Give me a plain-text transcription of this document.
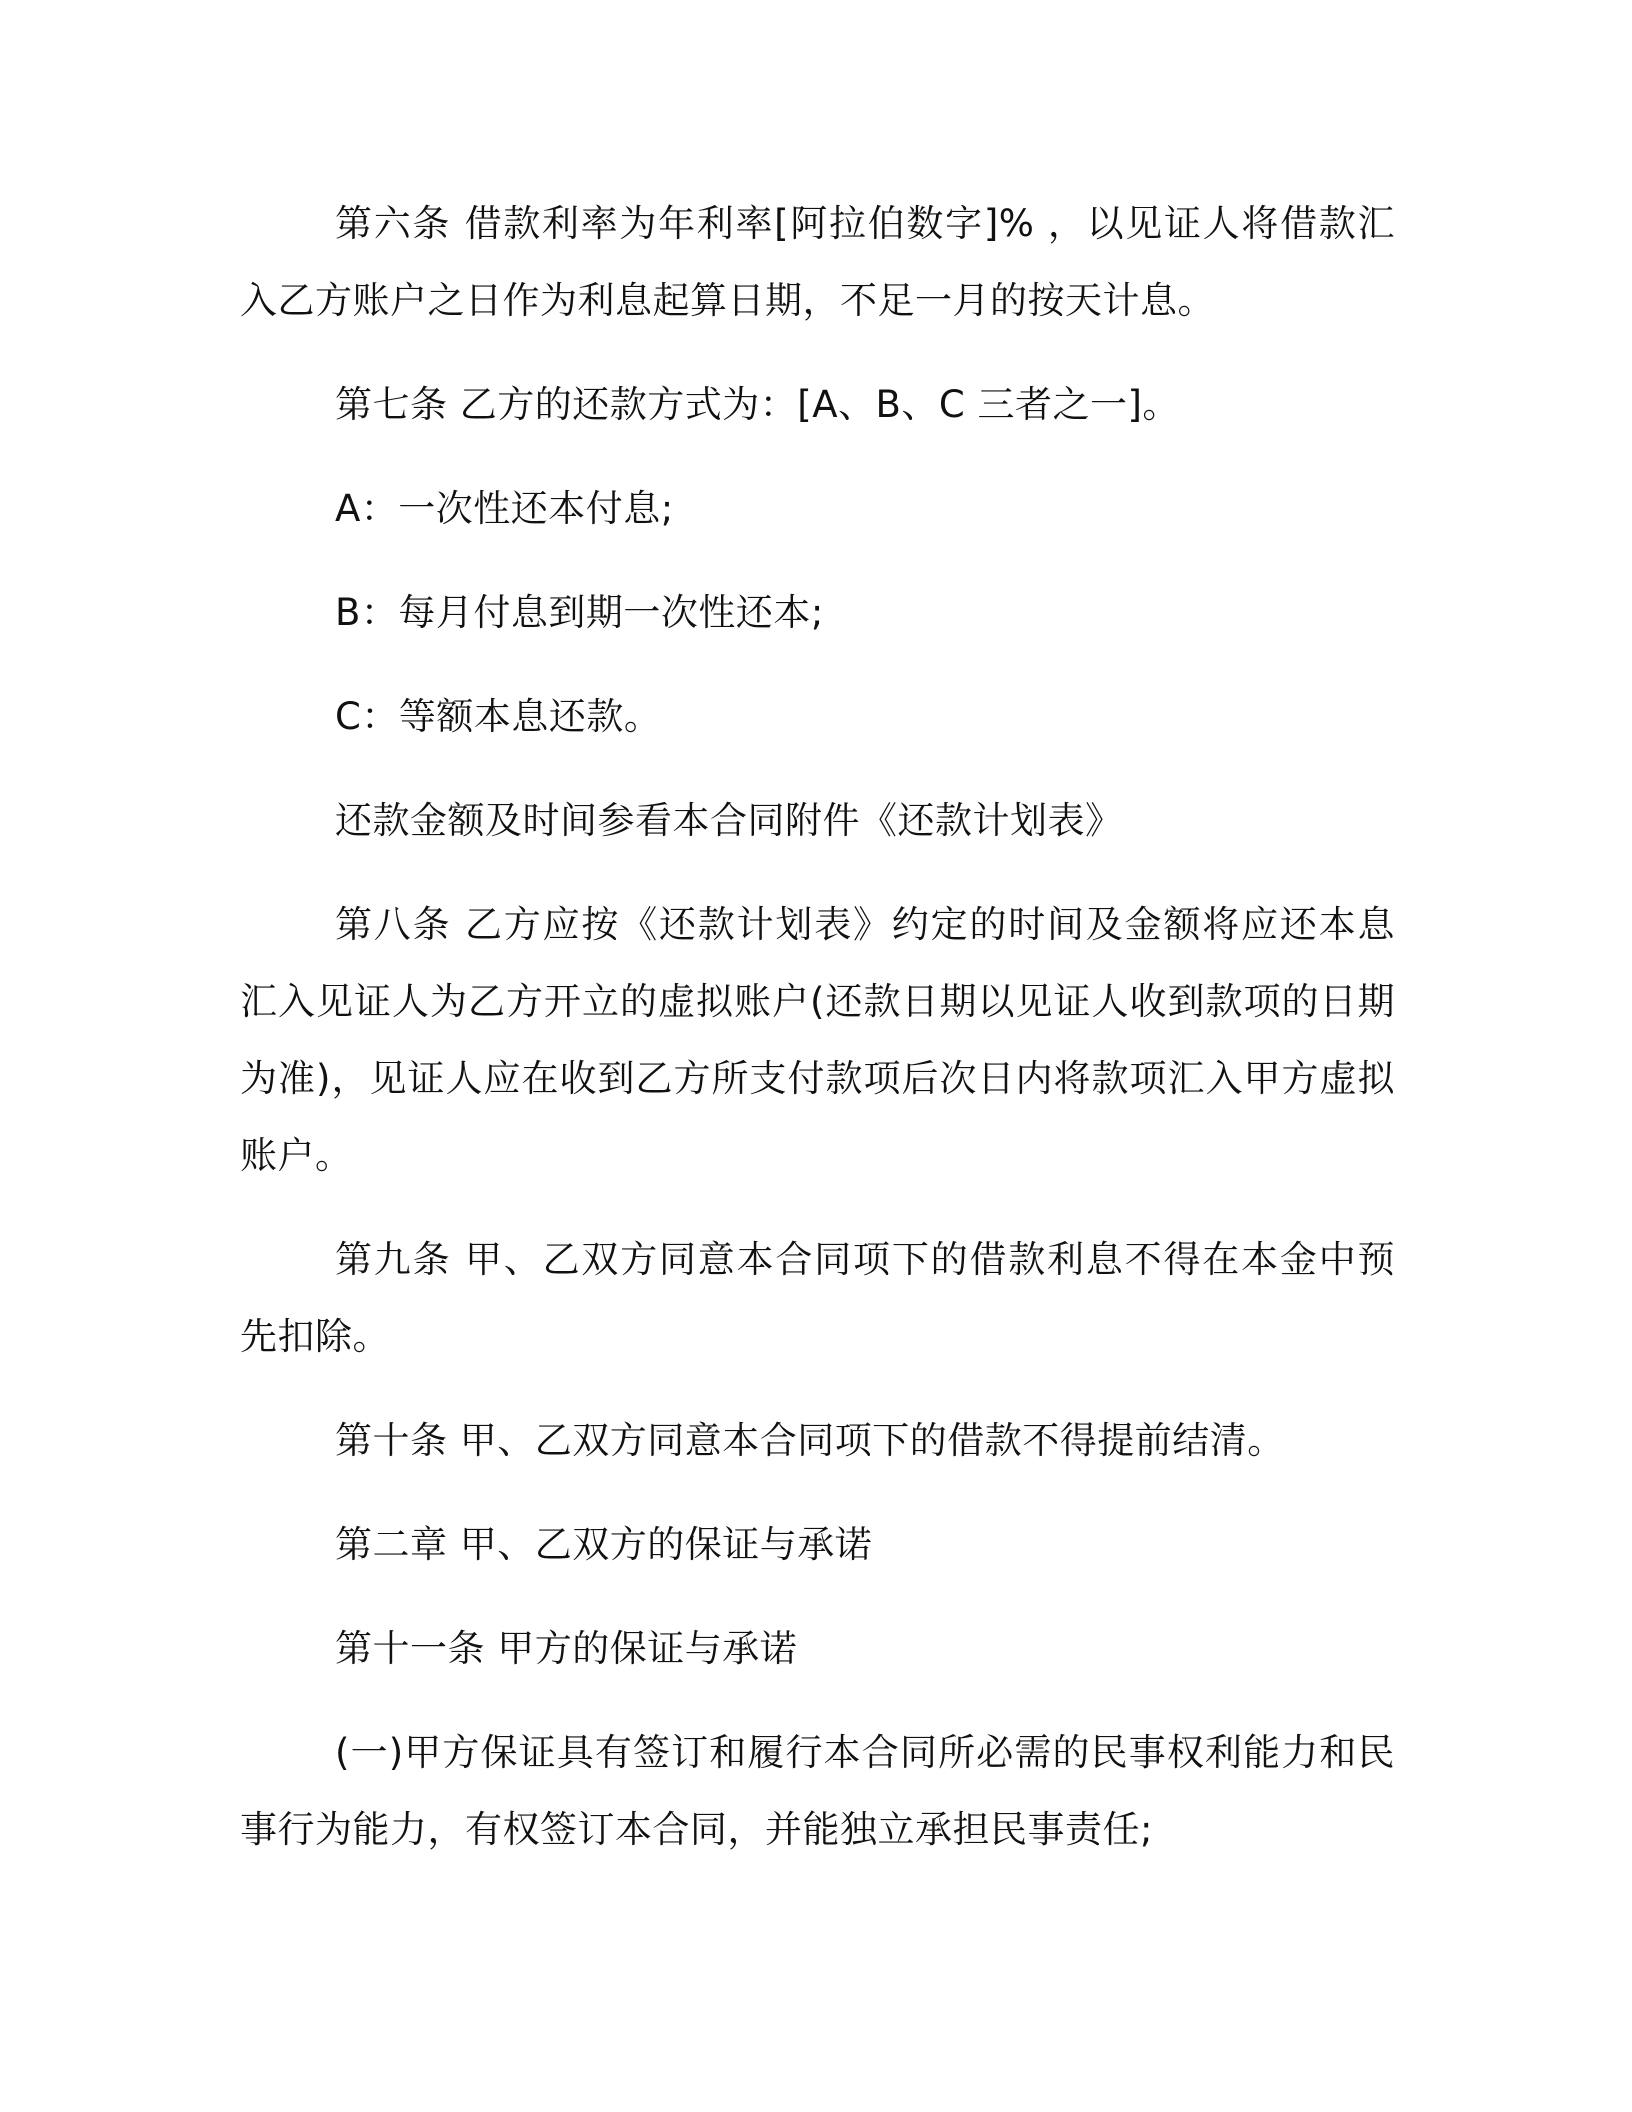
第六条 借款利率为年利率[阿拉伯数字]% ，以见证人将借款汇入乙方账户之日作为利息起算日期，不足一月的按天计息。

第七条 乙方的还款方式为：[A、B、C 三者之一]。

A：一次性还本付息;

B：每月付息到期一次性还本;

C：等额本息还款。

还款金额及时间参看本合同附件《还款计划表》

第八条 乙方应按《还款计划表》约定的时间及金额将应还本息汇入见证人为乙方开立的虚拟账户(还款日期以见证人收到款项的日期为准)，见证人应在收到乙方所支付款项后次日内将款项汇入甲方虚拟账户。

第九条 甲、乙双方同意本合同项下的借款利息不得在本金中预先扣除。

第十条 甲、乙双方同意本合同项下的借款不得提前结清。

第二章 甲、乙双方的保证与承诺

第十一条 甲方的保证与承诺

(一)甲方保证具有签订和履行本合同所必需的民事权利能力和民事行为能力，有权签订本合同，并能独立承担民事责任;
